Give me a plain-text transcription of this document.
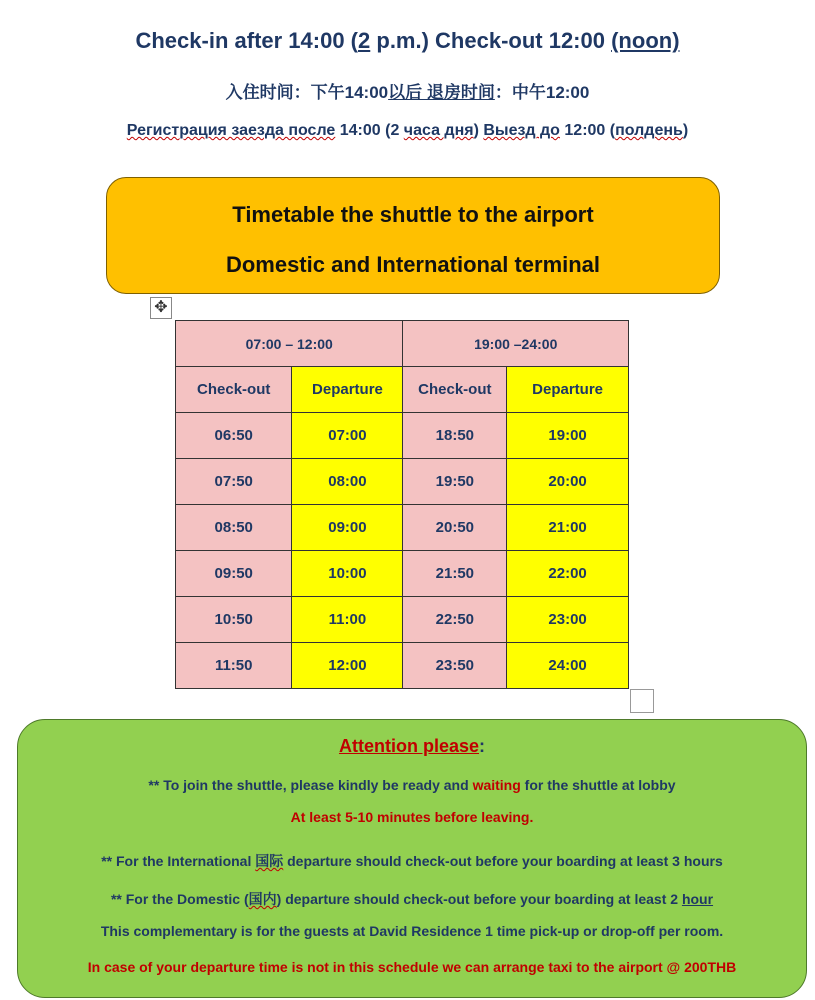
Check-in after 14:00 (2 p.m.) Check-out 12:00 (noon)
入住时间：下午14:00以后 退房时间：中午12:00
Регистрация заезда после 14:00 (2 часа дня) Выезд до 12:00 (полдень)
Timetable the shuttle to the airport
Domestic and International terminal
✥
07:00 – 12:00		19:00 –24:00	
Check-out	Departure	Check-out	Departure
06:50	07:00	18:50	19:00
07:50	08:00	19:50	20:00
08:50	09:00	20:50	21:00
09:50	10:00	21:50	22:00
10:50	11:00	22:50	23:00
11:50	12:00	23:50	24:00
Attention please:
** To join the shuttle, please kindly be ready and waiting for the shuttle at lobby
At least 5-10 minutes before leaving.
** For the International 国际 departure should check-out before your boarding at least 3 hours
** For the Domestic (国内) departure should check-out before your boarding at least 2 hour
This complementary is for the guests at David Residence 1 time pick-up or drop-off per room.
In case of your departure time is not in this schedule we can arrange taxi to the airport @ 200THB
